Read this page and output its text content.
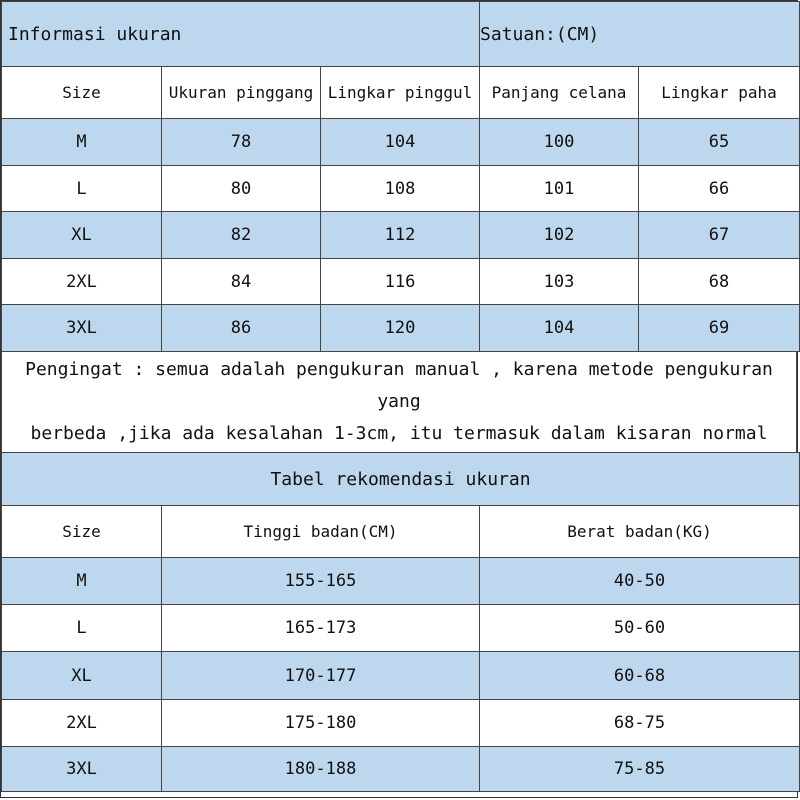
Informasi ukuran			Satuan:(CM)	
Size	Ukuran pinggang	Lingkar pinggul	Panjang celana	Lingkar paha
M	78	104	100	65
L	80	108	101	66
XL	82	112	102	67
2XL	84	116	103	68
3XL	86	120	104	69
Pengingat : semua adalah pengukuran manual , karena metode pengukuran yang
berbeda ,jika ada kesalahan 1-3cm, itu termasuk dalam kisaran normal
Tabel rekomendasi ukuran		
Size	Tinggi badan(CM)	Berat badan(KG)
M	155-165	40-50
L	165-173	50-60
XL	170-177	60-68
2XL	175-180	68-75
3XL	180-188	75-85
